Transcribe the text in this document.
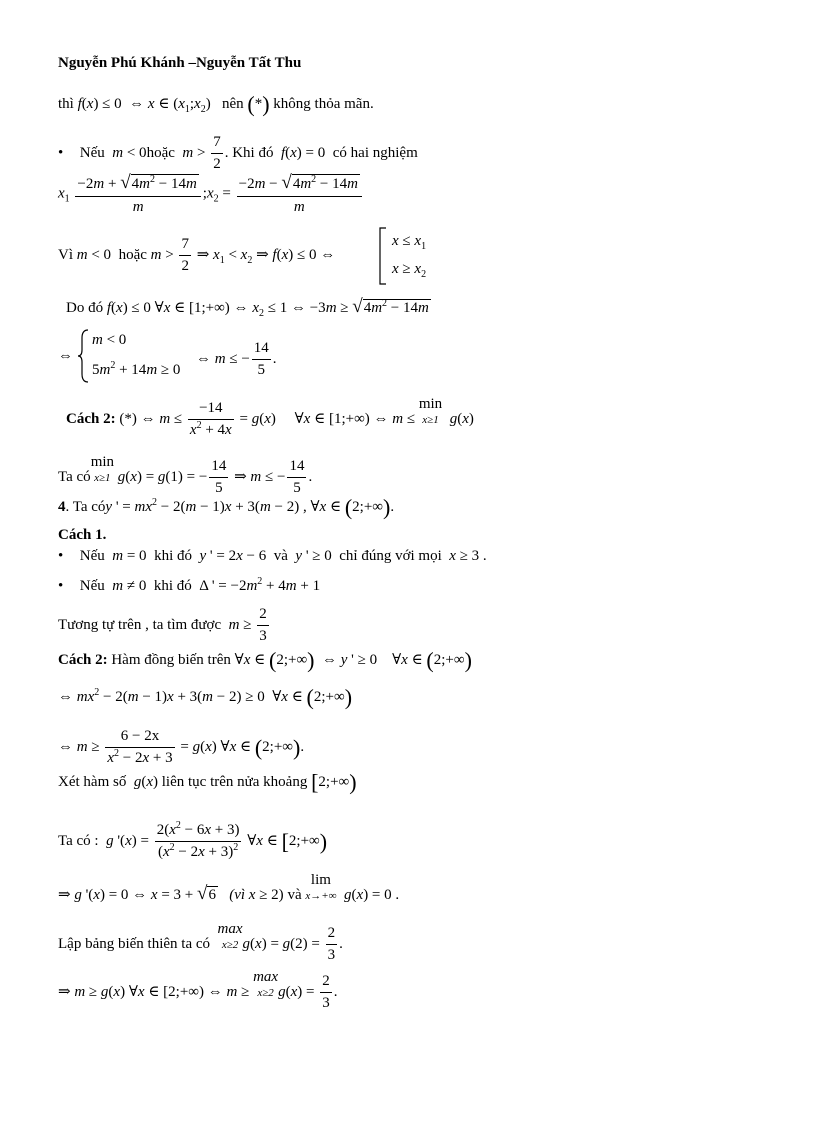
Nguyễn Phú Khánh –Nguyễn Tất Thu
thì f(x) ≤ 0  ⇔ x ∈ $(x_1;x_2)$   nên (*) không thỏa mãn.
• Nếu m < 0hoặc $m > \frac{7}{2}$ . Khi đó f(x) = 0  có hai nghiệm
$x_1 \frac{-2m + √4m^2 - 14m}{m}$ $;x_2 = \frac{-2m - √4m^2 - 14m}{m}$
Vì m < 0  hoặc $m > \frac{7}{2}$ ⇒ $x_1 < x_2$ ⇒ f(x) ≤ 0 ⇔
$x \le x_1$
$x \ge x_2$
Do đó f(x) ≤ 0 ∀x ∈ [1;+∞) ⇔ $x_2 \le 1$ ⇔ $-3m \ge √4m^2 - 14m$
⇔
m < 0
$5m^2 + 14m \ge 0$
⇔ m ≤ − $\frac{14}{5}$ .
Cách 2: (*) ⇔ $m \le \frac{-14}{x^2 + 4x} = g(x)$     ∀x ∈ [1;+∞) ⇔ m ≤
min
x≥1 g(x)
Ta có
min
x≥1 g(x) = g(1) = − $\frac{14}{5}$ ⇒ m ≤ − $\frac{14}{5}$ .
4. Ta cóy ' = $mx^2 - 2(m - 1)x + 3(m - 2)$ , ∀x ∈ (2;+∞).
Cách 1.
• Nếu m = 0  khi đó y ' = 2x − 6  và y ' ≥ 0  chỉ đúng với mọi x ≥ 3 .
• Nếu m ≠ 0  khi đó  Δ ' = $-2m^2 + 4m + 1$
Tương tự trên , ta tìm được $m \ge \frac{2}{3}$
Cách 2: Hàm đồng biến trên ∀x ∈ (2;+∞)  ⇔ y ' ≥ 0    ∀x ∈ (2;+∞)
⇔ $mx^2 - 2(m - 1)x + 3(m - 2) \ge 0$  ∀x ∈ (2;+∞)
⇔ $m \ge \frac{6 - 2x}{x^2 - 2x + 3} = g(x)$ ∀x ∈ (2;+∞).
Xét hàm số g(x) liên tục trên nửa khoảng [2;+∞)
Ta có : g '$(x) = \frac{2(x^2 - 6x + 3)}{(x^2 - 2x + 3)^2}$ ∀x ∈ [2;+∞)
⇒ g '(x) = 0 ⇔ x = 3 + √6 (vì x ≥ 2) và
lim
x→+∞ g(x) = 0 .
Lập bảng biến thiên ta có
max
x≥2 $g(x) = g(2) = \frac{2}{3}$ .
⇒ m ≥ g(x) ∀x ∈ [2;+∞) ⇔ m ≥
max
x≥2 $g(x) = \frac{2}{3}$ .
